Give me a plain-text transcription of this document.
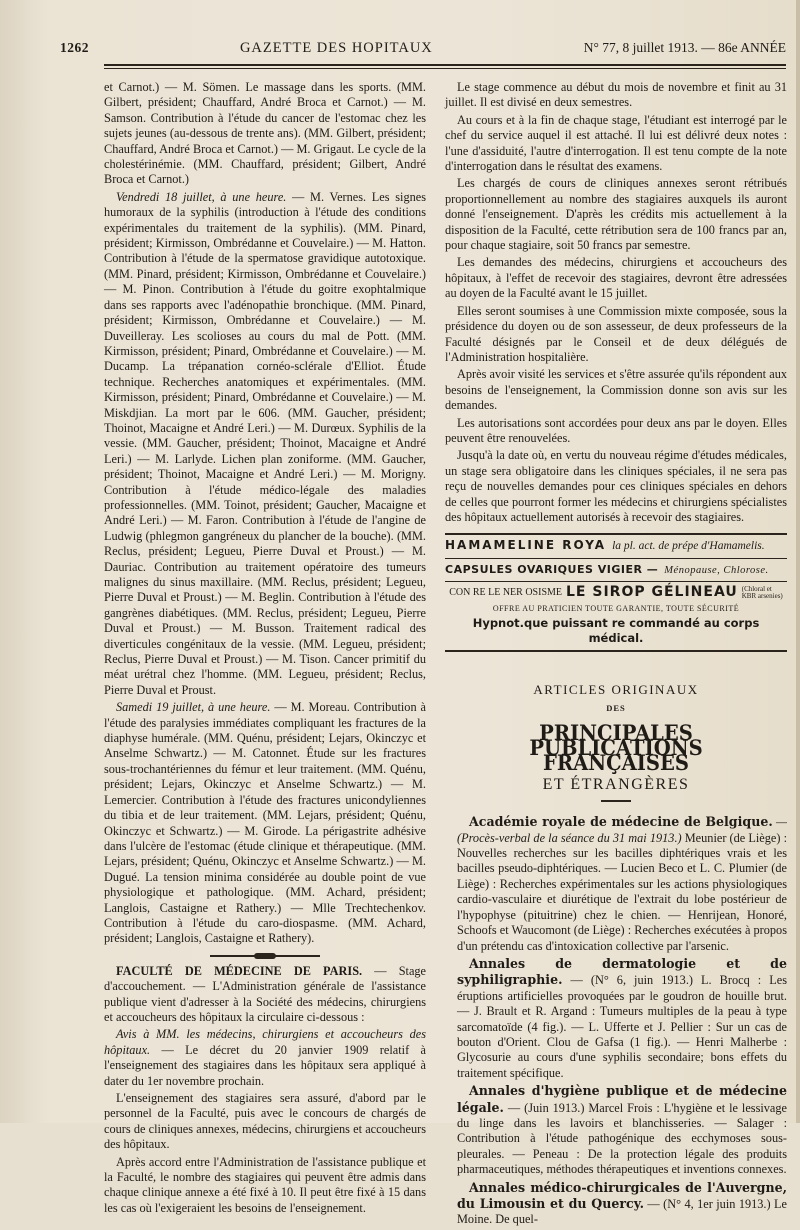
1262	GAZETTE DES HOPITAUX	N° 77, 8 juillet 1913. — 86e ANNÉE

et Carnot.) — M. Sömen. Le massage dans les sports. (MM. Gilbert, président; Chauffard, André Broca et Carnot.) — M. Samson. Contribution à l'étude du cancer de l'estomac chez les sujets jeunes (au-dessous de trente ans). (MM. Gilbert, président; Chauffard, André Broca et Carnot.) — M. Grigaut. Le cycle de la cholestérinémie. (MM. Chauffard, président; Gilbert, André Broca et Carnot.)

Vendredi 18 juillet, à une heure. — M. Vernes. Les signes humoraux de la syphilis (introduction à l'étude des conditions expérimentales du traitement de la syphilis). (MM. Pinard, président; Kirmisson, Ombrédanne et Couvelaire.) — M. Hatton. Contribution à l'étude de la spermatose gravidique autotoxique. (MM. Pinard, président; Kirmisson, Ombrédanne et Couvelaire.) — M. Pinon. Contribution à l'étude du goitre exophtalmique dans ses rapports avec l'adénopathie bronchique. (MM. Pinard, président; Kirmisson, Ombrédanne et Couvelaire.) — M. Duveilleray. Les scolioses au cours du mal de Pott. (MM. Kirmisson, président; Pinard, Ombrédanne et Couvelaire.) — M. Ducamp. La trépanation cornéo-sclérale d'Elliot. Étude technique. Recherches anatomiques et expérimentales. (MM. Kirmisson, président; Pinard, Ombrédanne et Couvelaire.) — M. Miskdjian. La mort par le 606. (MM. Gaucher, président; Thoinot, Macaigne et André Leri.) — M. Durœux. Syphilis de la vessie. (MM. Gaucher, président; Thoinot, Macaigne et André Leri.) — M. Larlyde. Lichen plan zoniforme. (MM. Gaucher, président; Thoinot, Macaigne et André Leri.) — M. Morigny. Contribution à l'étude médico-légale des maladies professionnelles. (MM. Toinot, président; Gaucher, Macaigne et André Leri.) — M. Faron. Contribution à l'étude de l'angine de Ludwig (phlegmon gangréneux du plancher de la bouche). (MM. Reclus, président; Legueu, Pierre Duval et Proust.) — M. Dauriac. Contribution au traitement opératoire des tumeurs malignes du sinus maxillaire. (MM. Reclus, président; Legueu, Pierre Duval et Proust.) — M. Beglin. Contribution à l'étude des gangrènes diabétiques. (MM. Reclus, président; Legueu, Pierre Duval et Proust.) — M. Busson. Traitement radical des diverticules congénitaux de la vessie. (MM. Legueu, président; Reclus, Pierre Duval et Proust.) — M. Tison. Cancer primitif du méat urétral chez l'homme. (MM. Legueu, président; Reclus, Pierre Duval et Proust.

Samedi 19 juillet, à une heure. — M. Moreau. Contribution à l'étude des paralysies immédiates compliquant les fractures de la diaphyse humérale. (MM. Quénu, président; Lejars, Okinczyc et Anselme Schwartz.) — M. Catonnet. Étude sur les fractures sous-trochantériennes du fémur et leur traitement. (MM. Quénu, président; Lejars, Okinczyc et Anselme Schwartz.) — M. Lemercier. Contribution à l'étude des fractures unicondyliennes du tibia et de leur traitement. (MM. Lejars, président; Quénu, Okinczyc et Schwartz.) — M. Girode. La périgastrite adhésive dans l'ulcère de l'estomac (étude clinique et thérapeutique. (MM. Lejars, président; Quénu, Okinczyc et Anselme Schwartz.) — M. Dugué. La tension minima considérée au double point de vue physiologique et pathologique. (MM. Achard, président; Langlois, Castaigne et Rathery.) — Mlle Trechtechenkov. Contribution à l'étude du caro-diospasme. (MM. Achard, président; Langlois, Castaigne et Rathery).

FACULTÉ DE MÉDECINE DE PARIS. — Stage d'accouchement. — L'Administration générale de l'assistance publique vient d'adresser à la Société des médecins, chirurgiens et accoucheurs des hôpitaux la circulaire ci-dessous :

Avis à MM. les médecins, chirurgiens et accoucheurs des hôpitaux. — Le décret du 20 janvier 1909 relatif à l'enseignement des stagiaires dans les hôpitaux sera appliqué à dater du 1er novembre prochain.

L'enseignement des stagiaires sera assuré, d'abord par le personnel de la Faculté, puis avec le concours de chargés de cours de cliniques annexes, médecins, chirurgiens et accoucheurs des hôpitaux.

Après accord entre l'Administration de l'assistance publique et la Faculté, le nombre des stagiaires qui peuvent être admis dans chaque clinique annexe a été fixé à 10. Il peut être fixé à 15 dans les cas où l'exigeraient les besoins de l'enseignement.

Le stage commence au début du mois de novembre et finit au 31 juillet. Il est divisé en deux semestres.

Au cours et à la fin de chaque stage, l'étudiant est interrogé par le chef du service auquel il est attaché. Il lui est délivré deux notes : l'une d'assiduité, l'autre d'interrogation. Il est tenu compte de la note d'interrogation dans le résultat des examens.

Les chargés de cours de cliniques annexes seront rétribués proportionnellement au nombre des stagiaires auxquels ils auront donné l'enseignement. D'après les crédits mis actuellement à la disposition de la Faculté, cette rétribution sera de 100 francs par an, pour chaque stagiaire, soit 50 francs par semestre.

Les demandes des médecins, chirurgiens et accoucheurs des hôpitaux, à l'effet de recevoir des stagiaires, devront être adressées au doyen de la Faculté avant le 15 juillet.

Elles seront soumises à une Commission mixte composée, sous la présidence du doyen ou de son assesseur, de deux professeurs de la Faculté désignés par le Conseil et de deux délégués de l'Administration hospitalière.

Après avoir visité les services et s'être assurée qu'ils répondent aux besoins de l'enseignement, la Commission donne son avis sur les demandes.

Les autorisations sont accordées pour deux ans par le doyen. Elles peuvent être renouvelées.

Jusqu'à la date où, en vertu du nouveau régime d'études médicales, un stage sera obligatoire dans les cliniques spéciales, il ne sera pas reçu de nouvelles demandes pour ces cliniques spéciales en dehors de celles que pourront former les médecins et chirurgiens spécialistes des hôpitaux actuellement autorisés à recevoir des stagiaires.

HAMAMELINE ROYA la pl. act. de prépe d'Hamamelis.
CAPSULES OVARIQUES VIGIER — Ménopause, Chlorose.
CON RE LE NER OSISME LE SIROP GÉLINEAU (Chloral et
KBR arsenies)
OFFRE AU PRATICIEN TOUTE GARANTIE, TOUTE SÉCURITÉ
Hypnot.que puissant re commandé au corps médical.
ARTICLES ORIGINAUX
DES
PRINCIPALES PUBLICATIONS FRANÇAISES
ET ÉTRANGÈRES

Académie royale de médecine de Belgique. — (Procès-verbal de la séance du 31 mai 1913.) Meunier (de Liège) : Nouvelles recherches sur les bacilles diphtériques vrais et les bacilles pseudo-diphtériques. — Lucien Beco et L. C. Plumier (de Liège) : Recherches expérimentales sur les actions physiologiques cardio-vasculaire et diurétique de l'extrait du lobe postérieur de l'hypophyse (pituitrine) chez le chien. — Henrijean, Honoré, Schoofs et Waucomont (de Liège) : Recherches exécutées à propos d'un prétendu cas d'intoxication collective par l'arsenic.

Annales de dermatologie et de syphiligraphie. — (N° 6, juin 1913.) L. Brocq : Les éruptions artificielles provoquées par le goudron de houille brut. — J. Brault et R. Argand : Tumeurs multiples de la peau à type sarcomatoïde (4 fig.). — L. Ufferte et J. Pellier : Sur un cas de bouton d'Orient. Clou de Gafsa (1 fig.). — Henri Malherbe : Glycosurie au cours d'une syphilis secondaire; bons effets du traitement spécifique.

Annales d'hygiène publique et de médecine légale. — (Juin 1913.) Marcel Frois : L'hygiène et le lessivage du linge dans les lavoirs et blanchisseries. — Salager : Contribution à l'étude pathogénique des ecchymoses sous-pleurales. — Peneau : De la protection légale des produits pharmaceutiques, méthodes thérapeutiques et inventions connexes.

Annales médico-chirurgicales de l'Auvergne, du Limousin et du Quercy. — (N° 4, 1er juin 1913.) Le Moine. De quel-
